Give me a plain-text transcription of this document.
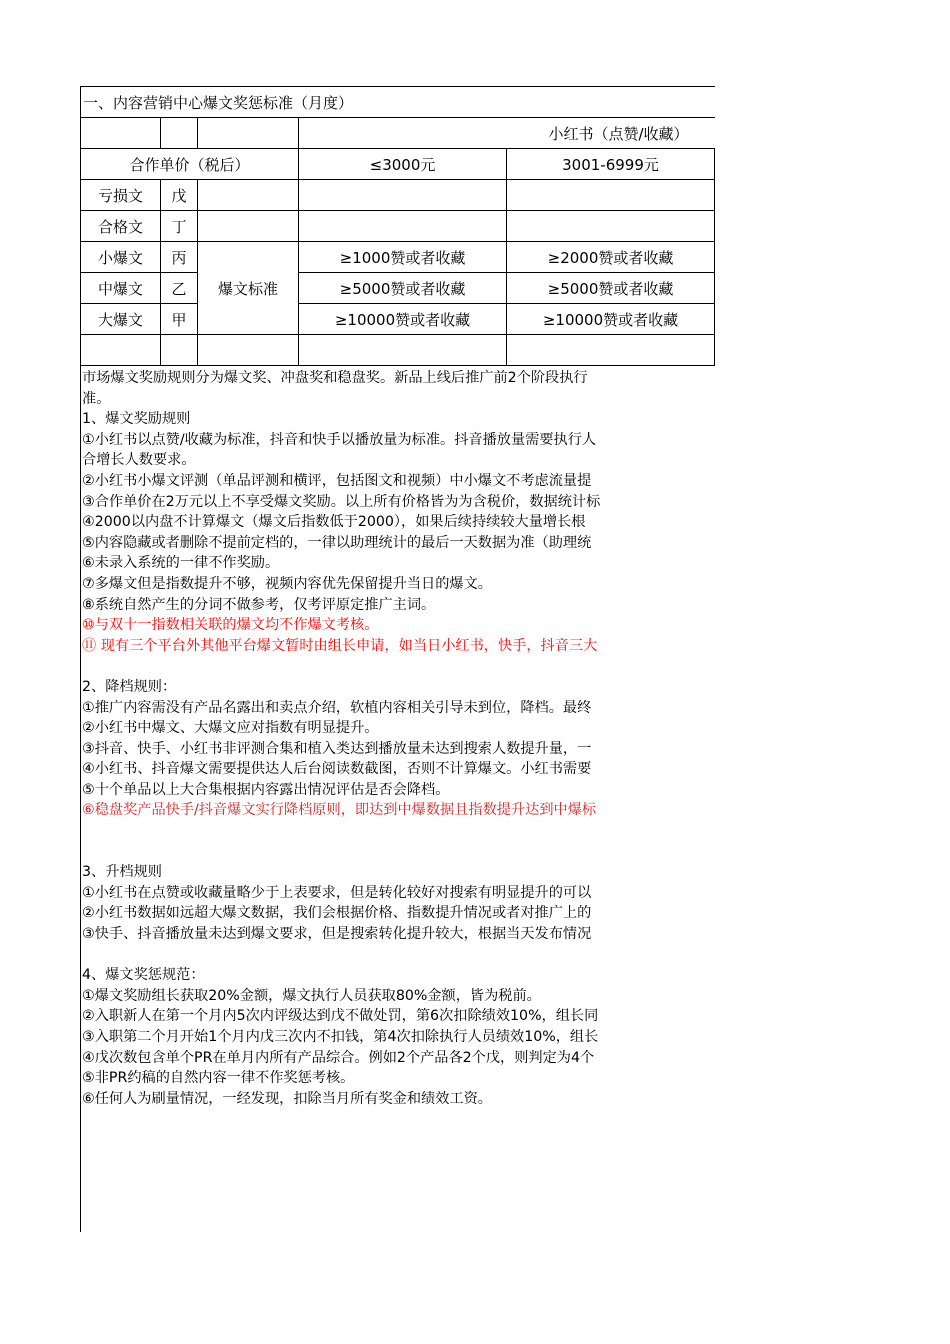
一、内容营销中心爆文奖惩标准（月度）				
			小红书（点赞/收藏）	
合作单价（税后）			≤3000元	3001-6999元
亏损文	戊			
合格文	丁			
小爆文	丙	爆文标准	≥1000赞或者收藏	≥2000赞或者收藏
中爆文	乙		≥5000赞或者收藏	≥5000赞或者收藏
大爆文	甲		≥10000赞或者收藏	≥10000赞或者收藏

市场爆文奖励规则分为爆文奖、冲盘奖和稳盘奖。新品上线后推广前2个阶段执行
准。
1、爆文奖励规则
①小红书以点赞/收藏为标准，抖音和快手以播放量为标准。抖音播放量需要执行人
合增长人数要求。
②小红书小爆文评测（单品评测和横评，包括图文和视频）中小爆文不考虑流量提
③合作单价在2万元以上不享受爆文奖励。以上所有价格皆为为含税价，数据统计标
④2000以内盘不计算爆文（爆文后指数低于2000），如果后续持续较大量增长根
⑤内容隐藏或者删除不提前定档的，一律以助理统计的最后一天数据为准（助理统
⑥未录入系统的一律不作奖励。
⑦多爆文但是指数提升不够，视频内容优先保留提升当日的爆文。
⑧系统自然产生的分词不做参考，仅考评原定推广主词。
⑩与双十一指数相关联的爆文均不作爆文考核。
⑪ 现有三个平台外其他平台爆文暂时由组长申请，如当日小红书，快手，抖音三大
2、降档规则：
①推广内容需没有产品名露出和卖点介绍，软植内容相关引导未到位，降档。最终
②小红书中爆文、大爆文应对指数有明显提升。
③抖音、快手、小红书非评测合集和植入类达到播放量未达到搜索人数提升量，一
④小红书、抖音爆文需要提供达人后台阅读数截图，否则不计算爆文。小红书需要
⑤十个单品以上大合集根据内容露出情况评估是否会降档。
⑥稳盘奖产品快手/抖音爆文实行降档原则，即达到中爆数据且指数提升达到中爆标
3、升档规则
①小红书在点赞或收藏量略少于上表要求，但是转化较好对搜索有明显提升的可以
②小红书数据如远超大爆文数据，我们会根据价格、指数提升情况或者对推广上的
③快手、抖音播放量未达到爆文要求，但是搜索转化提升较大，根据当天发布情况
4、爆文奖惩规范：
①爆文奖励组长获取20%金额，爆文执行人员获取80%金额，皆为税前。
②入职新人在第一个月内5次内评级达到戊不做处罚，第6次扣除绩效10%，组长同
③入职第二个月开始1个月内戊三次内不扣钱，第4次扣除执行人员绩效10%，组长
④戊次数包含单个PR在单月内所有产品综合。例如2个产品各2个戊，则判定为4个
⑤非PR约稿的自然内容一律不作奖惩考核。
⑥任何人为刷量情况，一经发现，扣除当月所有奖金和绩效工资。
